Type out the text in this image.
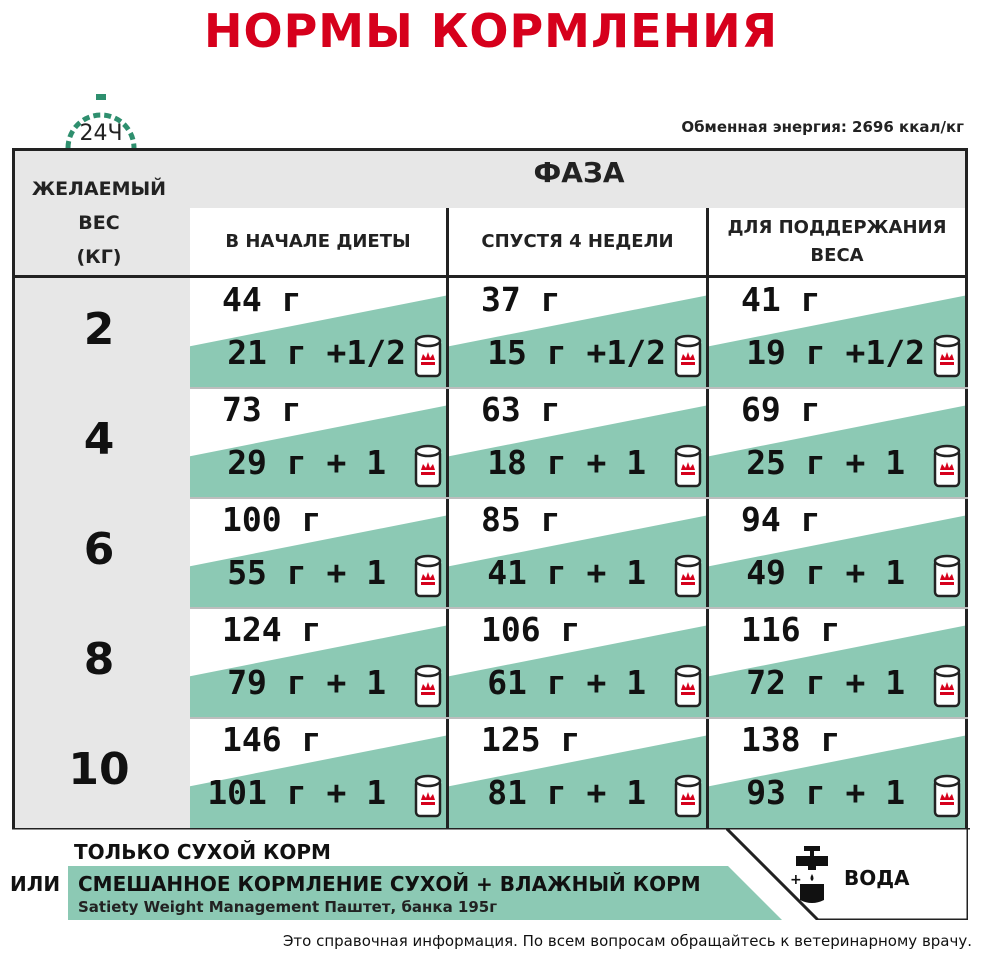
НОРМЫ КОРМЛЕНИЯ
24Ч	Обменная энергия: 2696 ккал/кг
ЖЕЛАЕМЫЙ
ВЕС
(КГ)
ФАЗА
В НАЧАЛЕ ДИЕТЫ	СПУСТЯ 4 НЕДЕЛИ
ДЛЯ ПОДДЕРЖАНИЯ
ВЕСА
2
44 г
21 г +1/2
37 г
15 г +1/2
41 г
19 г +1/2
4
73 г
29 г + 1
63 г
18 г + 1
69 г
25 г + 1
6
100 г
55 г + 1
85 г
41 г + 1
94 г
49 г + 1
8
124 г
79 г + 1
106 г
61 г + 1
116 г
72 г + 1
10
146 г
101 г + 1
125 г
81 г + 1
138 г
93 г + 1
ТОЛЬКО СУХОЙ КОРМ
ИЛИ СМЕШАННОЕ КОРМЛЕНИЕ СУХОЙ + ВЛАЖНЫЙ КОРМ
Satiety Weight Management Паштет, банка 195г
+ ВОДА
Это справочная информация. По всем вопросам обращайтесь к ветеринарному врачу.
